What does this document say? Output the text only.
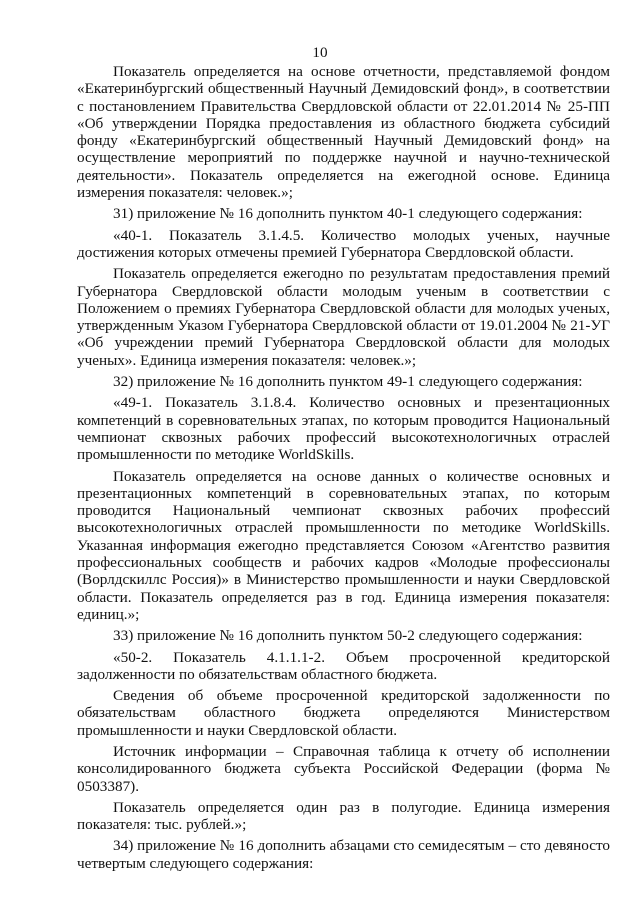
10

Показатель определяется на основе отчетности, представляемой фондом «Екатеринбургский общественный Научный Демидовский фонд», в соответствии с постановлением Правительства Свердловской области от 22.01.2014 № 25-ПП «Об утверждении Порядка предоставления из областного бюджета субсидий фонду «Екатеринбургский общественный Научный Демидовский фонд» на осуществление мероприятий по поддержке научной и научно-технической деятельности». Показатель определяется на ежегодной основе. Единица измерения показателя: человек.»;

31) приложение № 16 дополнить пунктом 40-1 следующего содержания:

«40-1. Показатель 3.1.4.5. Количество молодых ученых, научные достижения которых отмечены премией Губернатора Свердловской области.

Показатель определяется ежегодно по результатам предоставления премий Губернатора Свердловской области молодым ученым в соответствии с Положением о премиях Губернатора Свердловской области для молодых ученых, утвержденным Указом Губернатора Свердловской области от 19.01.2004 № 21-УГ «Об учреждении премий Губернатора Свердловской области для молодых ученых». Единица измерения показателя: человек.»;

32) приложение № 16 дополнить пунктом 49-1 следующего содержания:

«49-1. Показатель 3.1.8.4. Количество основных и презентационных компетенций в соревновательных этапах, по которым проводится Национальный чемпионат сквозных рабочих профессий высокотехнологичных отраслей промышленности по методике WorldSkills.

Показатель определяется на основе данных о количестве основных и презентационных компетенций в соревновательных этапах, по которым проводится Национальный чемпионат сквозных рабочих профессий высокотехнологичных отраслей промышленности по методике WorldSkills. Указанная информация ежегодно представляется Союзом «Агентство развития профессиональных сообществ и рабочих кадров «Молодые профессионалы (Ворлдскиллс Россия)» в Министерство промышленности и науки Свердловской области. Показатель определяется раз в год. Единица измерения показателя: единиц.»;

33) приложение № 16 дополнить пунктом 50-2 следующего содержания:

«50-2. Показатель 4.1.1.1-2. Объем просроченной кредиторской задолженности по обязательствам областного бюджета.

Сведения об объеме просроченной кредиторской задолженности по обязательствам областного бюджета определяются Министерством промышленности и науки Свердловской области.

Источник информации – Справочная таблица к отчету об исполнении консолидированного бюджета субъекта Российской Федерации (форма № 0503387).

Показатель определяется один раз в полугодие. Единица измерения показателя: тыс. рублей.»;

34) приложение № 16 дополнить абзацами сто семидесятым – сто девяносто четвертым следующего содержания:
